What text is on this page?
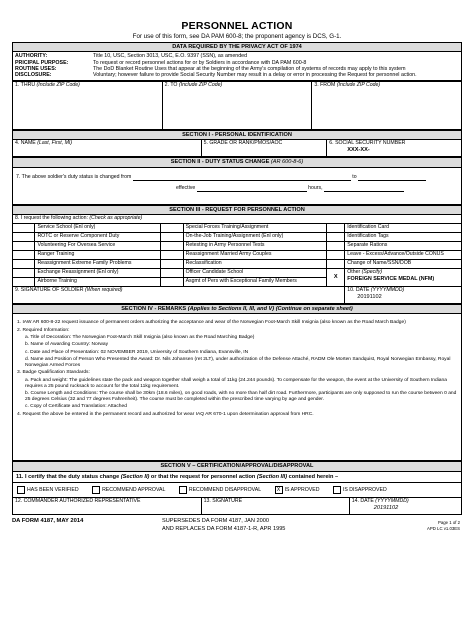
PERSONNEL ACTION
For use of this form, see DA PAM 600-8; the proponent agency is DCS, G-1.
DATA REQUIRED BY THE PRIVACY ACT OF 1974

AUTHORITY:	Title 10, USC, Section 3013, USC, E.O. 9397 (SSN), as amended
PRICIPAL PURPOSE:	To request or record personnel actions for or by Soldiers in accordance with DA PAM 600-8
ROUTINE USES:	The DoD Blanket Routine Uses that appear at the beginning of the Army's compilation of systems of records may apply to this system
DISCLOSURE:	Voluntary; however failure to provide Social Security Number may result in a delay or error in processing the Request for personnel action.
1. THRU (Include ZIP Code)	2. TO (Include ZIP Code)	3. FROM (Include ZIP Code)
SECTION I - PERSONAL IDENTIFICATION
4. NAME (Last, First, MI)	5. GRADE OR RANK/PMOS/AOC	6. SOCIAL SECURITY NUMBER
XXX-XX-
SECTION II - DUTY STATUS CHANGE (AR 600-8-6)

7. The above soldier's duty status is changed from	to
effective	hours,
SECTION III - REQUEST FOR PERSONNEL ACTION					
8. I request the following action: (Check as appropriate)					
	Service School (Enl only)		Special Forces Training/Assignment		Identification Card
	ROTC or Reserve Component Duty		On-the-Job Training/Assignment (Enl only)		Identification Tags
	Volunteering For Oversea Service		Retesting in Army Personnel Tests		Separate Rations
	Ranger Training		Reassignment Married Army Couples		Leave - Excess/Advance/Outside CONUS
	Reassignment Extreme Family Problems		Reclassification		Change of Name/SSN/DOB
	Exchange Reassignment (Enl only)		Officer Candidate School	X	Other (Specify)
FOREIGN SERVICE MEDAL (NFM)

	Airborne Training		Asgmt of Pers with Exceptional Family Members		
9. SIGNATURE OF SOLDIER (When required)					10. DATE (YYYYMMDD)
20191102
SECTION IV - REMARKS (Applies to Sections II, III, and V) (Continue on separate sheet)

1. IAW AR 600-8-22 request issuance of permanent orders authorizing the acceptance and wear of the Norwegian Foot-March Skill Insignia (also known as the Road March Badge)

2. Required Information:

a. Title of Decoration: The Norwegian Foot-March Skill Insignia (also known as the Road Marching Badge)

b. Name of Awarding Country: Norway

c. Date and Place of Presentation: 02 NOVEMBER 2019, University of Southern Indiana, Evansville, IN

d. Name and Position of Person Who Presented the Award: Dr. Nils Johansen (ret 2LT), under authorization of the Defense Attaché, RADM Ole Morten Sandquist, Royal Norwegian Embassy, Royal Norwegian Armed Forces

3. Badge Qualification Standards:

a. Pack and weight: The guidelines state the pack and weapon together shall weigh a total of 11kg (24.244 pounds). To compensate for the weapon, the event at the University of Southern Indiana requires a 25 pound rucksack to account for the total 11kg requirement.

b. Course Length and Conditions: The course shall be 30km (18.6 miles), on good roads, with no more than half dirt road. Furthermore, participants are only supposed to run the course between 0 and 25 degrees Celsius (32 and 77 degrees Fahrenheit). The course must be completed within the prescribed time varying by age and gender.

c. Copy of Certificate and Translation: Attached

4. Request the above be entered in the permanent record and authorized for wear IAQ AR 670-1 upon determination approval from HRC.

SECTION V – CERTIFICATION/APPROVAL/DISAPPROVAL
11. I certify that the duty status change (Section II) or that the request for personnel action (Section III) contained herein –
HAS BEEN VERIFIED	RECOMMEND APPROVAL	RECOMMEND DISAPPROVAL	X IS APPROVED	IS DISAPPROVED
12. COMMANDER AUTHORIZED REPRESENTATIVE	13. SIGNATURE	14. DATE (YYYYMMDD)
20191102
DA FORM 4187, MAY 2014	SUPERSEDES DA FORM 4187, JAN 2000
AND REPLACES DA FORM 4187-1-R, APR 1995
Page 1 of 2
APD LC v1.03ES
